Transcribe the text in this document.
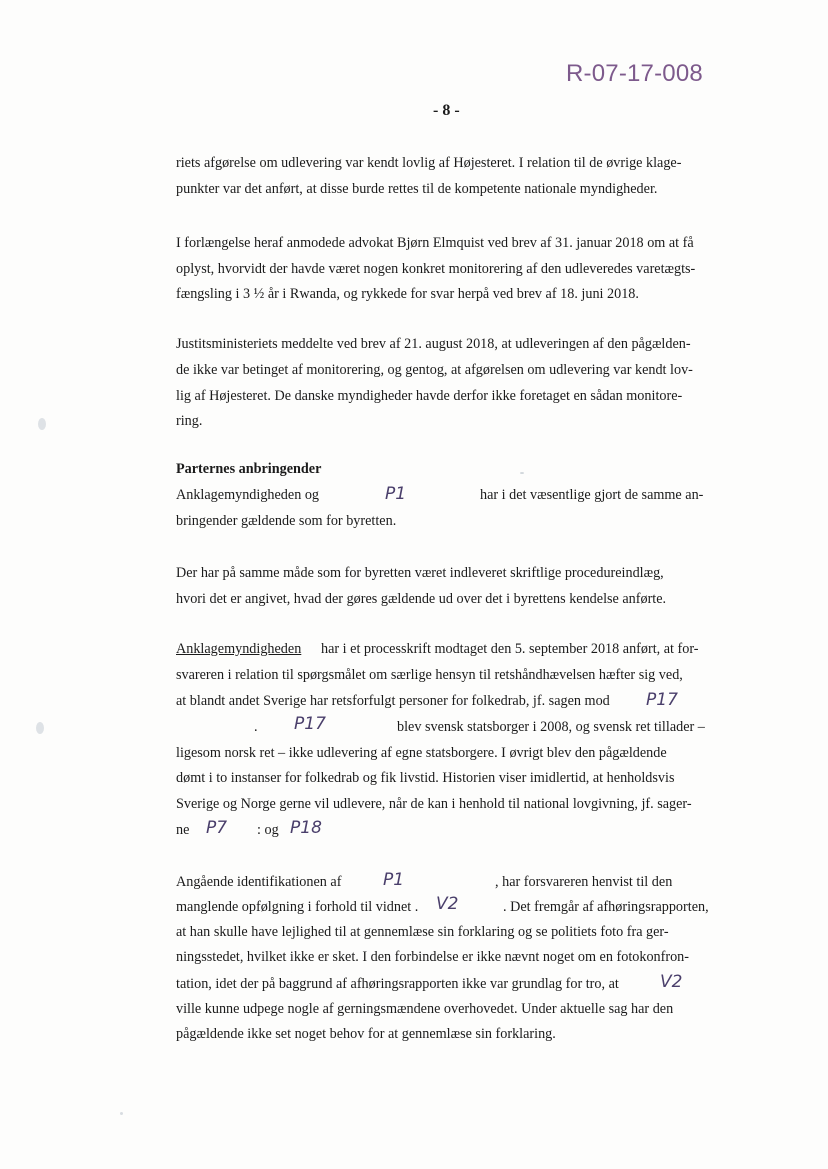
R-07-17-008
- 8 -
riets afgørelse om udlevering var kendt lovlig af Højesteret. I relation til de øvrige klage-
punkter var det anført, at disse burde rettes til de kompetente nationale myndigheder.
I forlængelse heraf anmodede advokat Bjørn Elmquist ved brev af 31. januar 2018 om at få
oplyst, hvorvidt der havde været nogen konkret monitorering af den udleveredes varetægts-
fængsling i 3 ½ år i Rwanda, og rykkede for svar herpå ved brev af 18. juni 2018.
Justitsministeriets meddelte ved brev af 21. august 2018, at udleveringen af den pågælden-
de ikke var betinget af monitorering, og gentog, at afgørelsen om udlevering var kendt lov-
lig af Højesteret. De danske myndigheder havde derfor ikke foretaget en sådan monitore-
ring.
Parternes anbringender
Anklagemyndigheden og	P1	har i det væsentlige gjort de samme an-
bringender gældende som for byretten.
Der har på samme måde som for byretten været indleveret skriftlige procedureindlæg,
hvori det er angivet, hvad der gøres gældende ud over det i byrettens kendelse anførte.
Anklagemyndigheden har i et processkrift modtaget den 5. september 2018 anført, at for-
svareren i relation til spørgsmålet om særlige hensyn til retshåndhævelsen hæfter sig ved,
at blandt andet Sverige har retsforfulgt personer for folkedrab, jf. sagen mod P17
. P17	blev svensk statsborger i 2008, og svensk ret tillader –
ligesom norsk ret – ikke udlevering af egne statsborgere. I øvrigt blev den pågældende
dømt i to instanser for folkedrab og fik livstid. Historien viser imidlertid, at henholdsvis
Sverige og Norge gerne vil udlevere, når de kan i henhold til national lovgivning, jf. sager-
ne P7 : og P18
Angående identifikationen af P1	, har forsvareren henvist til den
manglende opfølgning i forhold til vidnet . V2	. Det fremgår af afhøringsrapporten,
at han skulle have lejlighed til at gennemlæse sin forklaring og se politiets foto fra ger-
ningsstedet, hvilket ikke er sket. I den forbindelse er ikke nævnt noget om en fotokonfron-
tation, idet der på baggrund af afhøringsrapporten ikke var grundlag for tro, at V2
ville kunne udpege nogle af gerningsmændene overhovedet. Under aktuelle sag har den
pågældende ikke set noget behov for at gennemlæse sin forklaring.
